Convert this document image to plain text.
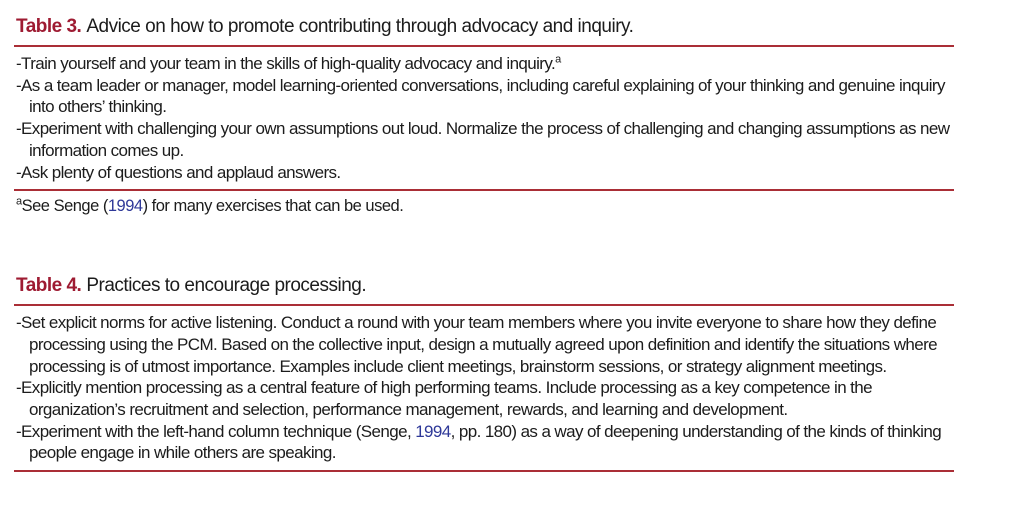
Table 3. Advice on how to promote contributing through advocacy and inquiry.

-Train yourself and your team in the skills of high-quality advocacy and inquiry.$^a$

-As a team leader or manager, model learning-oriented conversations, including careful explaining of your thinking and genuine inquiry into others’ thinking.

-Experiment with challenging your own assumptions out loud. Normalize the process of challenging and changing assumptions as new information comes up.

-Ask plenty of questions and applaud answers.

$^a$See Senge (1994) for many exercises that can be used.

Table 4. Practices to encourage processing.

-Set explicit norms for active listening. Conduct a round with your team members where you invite everyone to share how they define processing using the PCM. Based on the collective input, design a mutually agreed upon definition and identify the situations where processing is of utmost importance. Examples include client meetings, brainstorm sessions, or strategy alignment meetings.

-Explicitly mention processing as a central feature of high performing teams. Include processing as a key competence in the organization’s recruitment and selection, performance management, rewards, and learning and development.

-Experiment with the left-hand column technique (Senge, 1994, pp. 180) as a way of deepening understanding of the kinds of thinking people engage in while others are speaking.
